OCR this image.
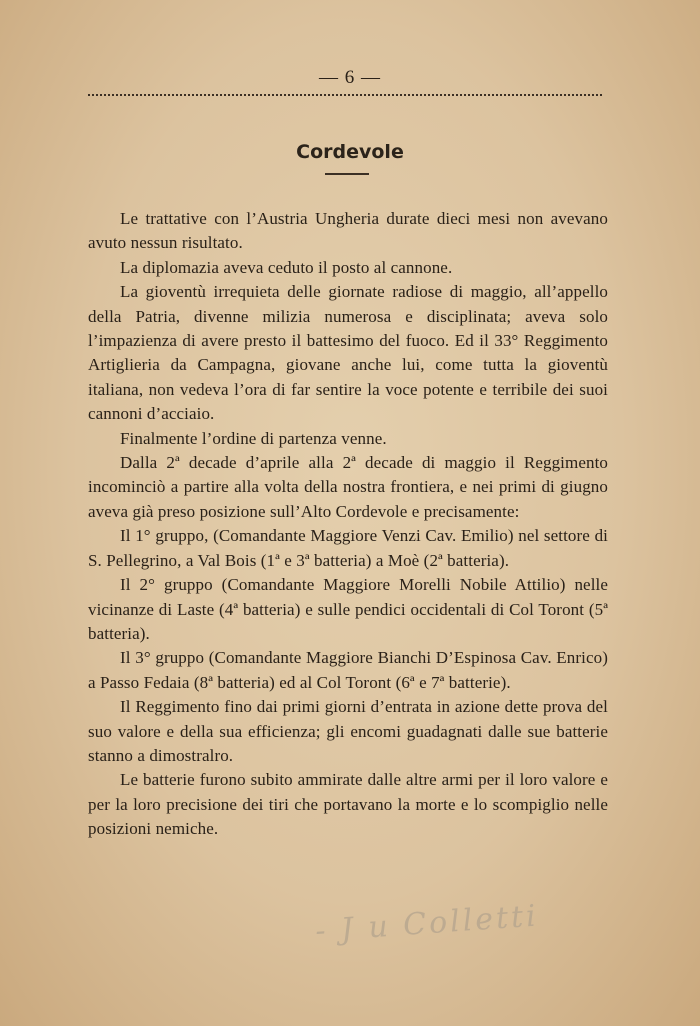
— 6 —
Cordevole

Le trattative con l’Austria Ungheria durate dieci mesi non avevano avuto nessun risultato.

La diplomazia aveva ceduto il posto al cannone.

La gioventù irrequieta delle giornate radiose di maggio, all’appello della Patria, divenne milizia numerosa e disciplinata; aveva solo l’impazienza di avere presto il battesimo del fuoco. Ed il 33° Reggimento Artiglieria da Campagna, giovane anche lui, come tutta la gioventù italiana, non vedeva l’ora di far sentire la voce potente e terribile dei suoi cannoni d’acciaio.

Finalmente l’ordine di partenza venne.

Dalla 2ª decade d’aprile alla 2ª decade di maggio il Reggimento incominciò a partire alla volta della nostra frontiera, e nei primi di giugno aveva già preso posizione sull’Alto Cordevole e precisamente:

Il 1° gruppo, (Comandante Maggiore Venzi Cav. Emilio) nel settore di S. Pellegrino, a Val Bois (1ª e 3ª batteria) a Moè (2ª batteria).

Il 2° gruppo (Comandante Maggiore Morelli Nobile Attilio) nelle vicinanze di Laste (4ª batteria) e sulle pendici occidentali di Col Toront (5ª batteria).

Il 3° gruppo (Comandante Maggiore Bianchi D’Espinosa Cav. Enrico) a Passo Fedaia (8ª batteria) ed al Col Toront (6ª e 7ª batterie).

Il Reggimento fino dai primi giorni d’entrata in azione dette prova del suo valore e della sua efficienza; gli encomi guadagnati dalle sue batterie stanno a dimostralro.

Le batterie furono subito ammirate dalle altre armi per il loro valore e per la loro precisione dei tiri che portavano la morte e lo scompiglio nelle posizioni nemiche.

- J u Colletti
